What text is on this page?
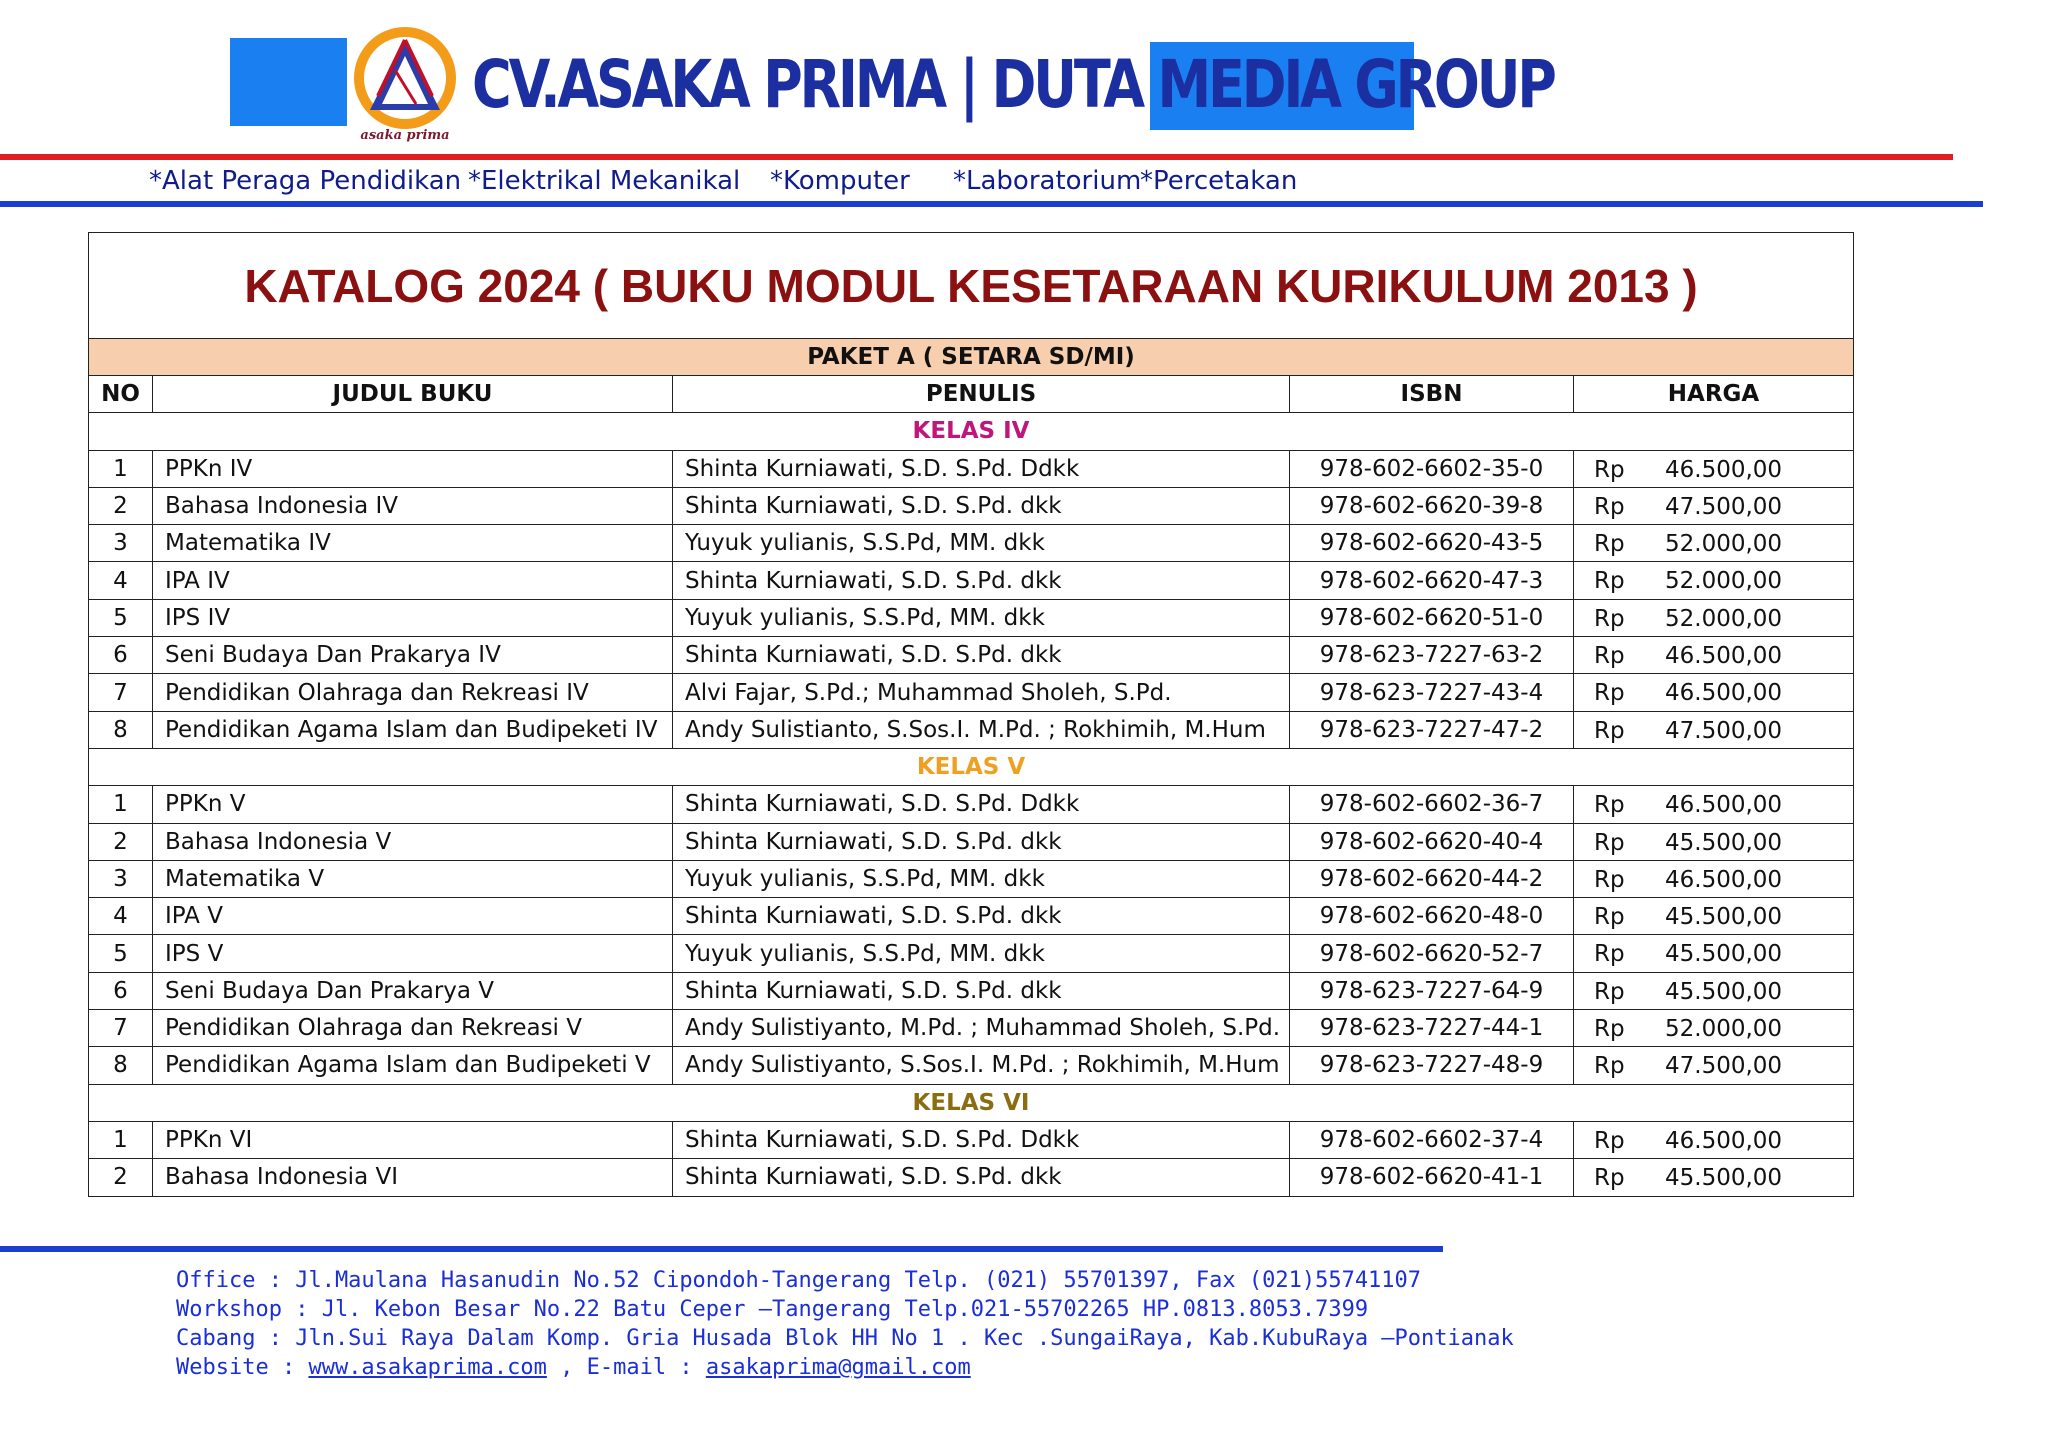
asaka prima
CV.ASAKA PRIMA | DUTA MEDIA GROUP
*Alat Peraga Pendidikan *Elektrikal Mekanikal *Komputer *Laboratorium
*Percetakan
KATALOG 2024 ( BUKU MODUL KESETARAAN KURIKULUM 2013 )				
PAKET A ( SETARA SD/MI)				
NO	JUDUL BUKU	PENULIS	ISBN	HARGA
KELAS IV				
1	PPKn IV	Shinta Kurniawati, S.D. S.Pd. Ddkk	978-602-6602-35-0	Rp 46.500,00

2	Bahasa Indonesia IV	Shinta Kurniawati, S.D. S.Pd. dkk	978-602-6620-39-8	Rp 47.500,00

3	Matematika IV	Yuyuk yulianis, S.S.Pd, MM. dkk	978-602-6620-43-5	Rp 52.000,00

4	IPA IV	Shinta Kurniawati, S.D. S.Pd. dkk	978-602-6620-47-3	Rp 52.000,00

5	IPS IV	Yuyuk yulianis, S.S.Pd, MM. dkk	978-602-6620-51-0	Rp 52.000,00

6	Seni Budaya Dan Prakarya IV	Shinta Kurniawati, S.D. S.Pd. dkk	978-623-7227-63-2	Rp 46.500,00

7	Pendidikan Olahraga dan Rekreasi IV	Alvi Fajar, S.Pd.; Muhammad Sholeh, S.Pd.	978-623-7227-43-4	Rp 46.500,00

8	Pendidikan Agama Islam dan Budipeketi IV	Andy Sulistianto, S.Sos.I. M.Pd. ; Rokhimih, M.Hum	978-623-7227-47-2	Rp 47.500,00

KELAS V				
1	PPKn V	Shinta Kurniawati, S.D. S.Pd. Ddkk	978-602-6602-36-7	Rp 46.500,00

2	Bahasa Indonesia V	Shinta Kurniawati, S.D. S.Pd. dkk	978-602-6620-40-4	Rp 45.500,00

3	Matematika V	Yuyuk yulianis, S.S.Pd, MM. dkk	978-602-6620-44-2	Rp 46.500,00

4	IPA V	Shinta Kurniawati, S.D. S.Pd. dkk	978-602-6620-48-0	Rp 45.500,00

5	IPS V	Yuyuk yulianis, S.S.Pd, MM. dkk	978-602-6620-52-7	Rp 45.500,00

6	Seni Budaya Dan Prakarya V	Shinta Kurniawati, S.D. S.Pd. dkk	978-623-7227-64-9	Rp 45.500,00

7	Pendidikan Olahraga dan Rekreasi V	Andy Sulistiyanto, M.Pd. ; Muhammad Sholeh, S.Pd.	978-623-7227-44-1	Rp 52.000,00

8	Pendidikan Agama Islam dan Budipeketi V	Andy Sulistiyanto, S.Sos.I. M.Pd. ; Rokhimih, M.Hum	978-623-7227-48-9	Rp 47.500,00

KELAS VI				
1	PPKn VI	Shinta Kurniawati, S.D. S.Pd. Ddkk	978-602-6602-37-4	Rp 46.500,00

2	Bahasa Indonesia VI	Shinta Kurniawati, S.D. S.Pd. dkk	978-602-6620-41-1	Rp 45.500,00
Office : Jl.Maulana Hasanudin No.52 Cipondoh-Tangerang Telp. (021) 55701397, Fax (021)55741107
Workshop : Jl. Kebon Besar No.22 Batu Ceper –Tangerang Telp.021-55702265 HP.0813.8053.7399
Cabang : Jln.Sui Raya Dalam Komp. Gria Husada Blok HH No 1 . Kec .SungaiRaya, Kab.KubuRaya –Pontianak
Website : www.asakaprima.com , E-mail : asakaprima@gmail.com
